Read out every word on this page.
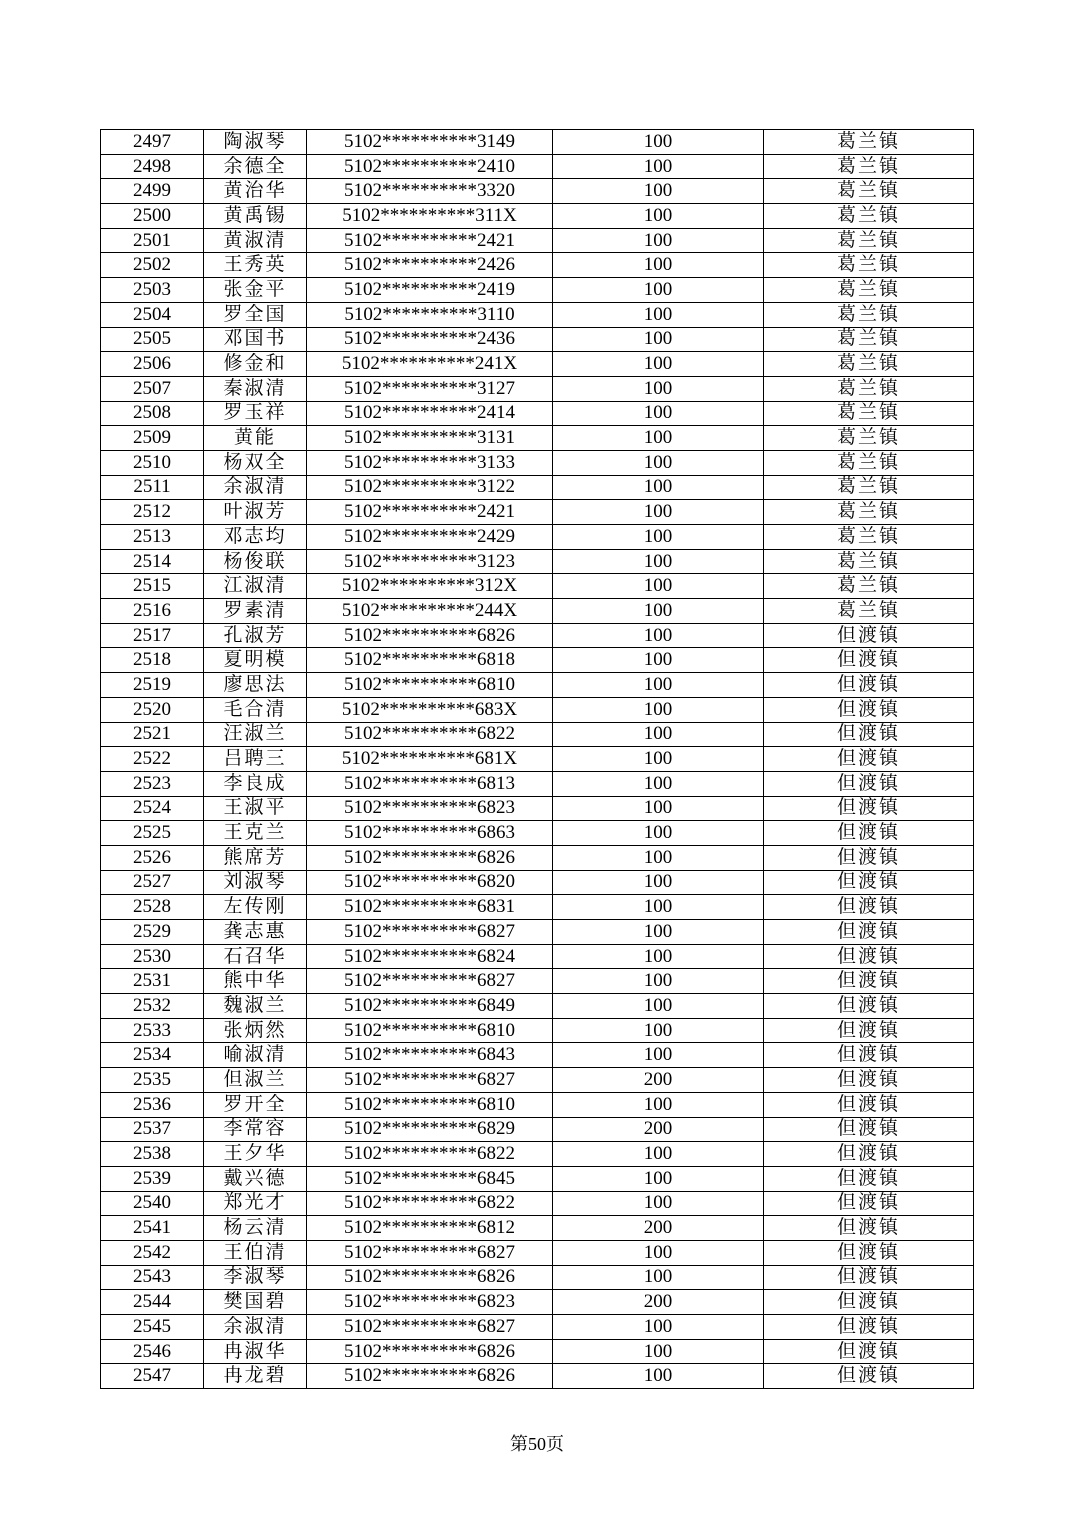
2497	陶淑琴	5102**********3149	100	葛兰镇
2498	余德全	5102**********2410	100	葛兰镇
2499	黄治华	5102**********3320	100	葛兰镇
2500	黄禹锡	5102**********311X	100	葛兰镇
2501	黄淑清	5102**********2421	100	葛兰镇
2502	王秀英	5102**********2426	100	葛兰镇
2503	张金平	5102**********2419	100	葛兰镇
2504	罗全国	5102**********3110	100	葛兰镇
2505	邓国书	5102**********2436	100	葛兰镇
2506	修金和	5102**********241X	100	葛兰镇
2507	秦淑清	5102**********3127	100	葛兰镇
2508	罗玉祥	5102**********2414	100	葛兰镇
2509	黄能	5102**********3131	100	葛兰镇
2510	杨双全	5102**********3133	100	葛兰镇
2511	余淑清	5102**********3122	100	葛兰镇
2512	叶淑芳	5102**********2421	100	葛兰镇
2513	邓志均	5102**********2429	100	葛兰镇
2514	杨俊联	5102**********3123	100	葛兰镇
2515	江淑清	5102**********312X	100	葛兰镇
2516	罗素清	5102**********244X	100	葛兰镇
2517	孔淑芳	5102**********6826	100	但渡镇
2518	夏明模	5102**********6818	100	但渡镇
2519	廖思法	5102**********6810	100	但渡镇
2520	毛合清	5102**********683X	100	但渡镇
2521	汪淑兰	5102**********6822	100	但渡镇
2522	吕聘三	5102**********681X	100	但渡镇
2523	李良成	5102**********6813	100	但渡镇
2524	王淑平	5102**********6823	100	但渡镇
2525	王克兰	5102**********6863	100	但渡镇
2526	熊席芳	5102**********6826	100	但渡镇
2527	刘淑琴	5102**********6820	100	但渡镇
2528	左传刚	5102**********6831	100	但渡镇
2529	龚志惠	5102**********6827	100	但渡镇
2530	石召华	5102**********6824	100	但渡镇
2531	熊中华	5102**********6827	100	但渡镇
2532	魏淑兰	5102**********6849	100	但渡镇
2533	张炳然	5102**********6810	100	但渡镇
2534	喻淑清	5102**********6843	100	但渡镇
2535	但淑兰	5102**********6827	200	但渡镇
2536	罗开全	5102**********6810	100	但渡镇
2537	李常容	5102**********6829	200	但渡镇
2538	王夕华	5102**********6822	100	但渡镇
2539	戴兴德	5102**********6845	100	但渡镇
2540	郑光才	5102**********6822	100	但渡镇
2541	杨云清	5102**********6812	200	但渡镇
2542	王伯清	5102**********6827	100	但渡镇
2543	李淑琴	5102**********6826	100	但渡镇
2544	樊国碧	5102**********6823	200	但渡镇
2545	余淑清	5102**********6827	100	但渡镇
2546	冉淑华	5102**********6826	100	但渡镇
2547	冉龙碧	5102**********6826	100	但渡镇
第50页
